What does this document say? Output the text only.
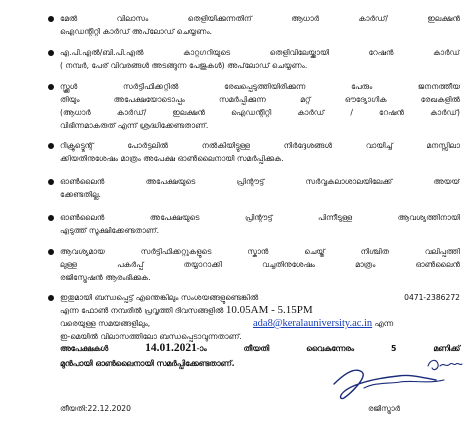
മേൽ വിലാസം തെളിയിക്കുന്നതിന് ആധാർ കാർഡ്/ ഇലക്ഷൻ
ഐഡന്റിറ്റി കാർഡ് അപ്‌ലോഡ് ചെയ്യണം.
എ.പി.എൽ/ബി.പി.എൽ കാറ്റഗറിയുടെ തെളിവിലേയ്ക്കായി റേഷൻ കാർഡ്
( നമ്പർ, പേര് വിവരങ്ങൾ അടങ്ങുന്ന പേജുകൾ) അപ്‌ലോഡ് ചെയ്യണം.
സ്ക്കൂൾ സർട്ടിഫിക്കറ്റിൽ രേഖപ്പെടുത്തിയിരിക്കുന്ന പേരും ജനനത്തീയ
തിയും അപേക്ഷയോടൊപ്പം സമർപ്പിക്കുന്ന മറ്റ് ഔദ്യോഗിക രേഖകളിൽ
(ആധാർ കാർഡ്/ ഇലക്ഷൻ ഐഡന്റിറ്റി കാർഡ് / റേഷൻ കാർഡ്)
വിഭിന്നമാകരുത് എന്ന് ശ്രദ്ധിക്കേണ്ടതാണ്.
റിക്രൂട്ട്മെന്റ് പോർട്ടലിൽ നൽകിയിട്ടുള്ള നിർദ്ദേശങ്ങൾ വായിച്ച് മനസ്സിലാ
ക്കിയതിനുശേഷം മാത്രം അപേക്ഷ ഓൺലൈനായി സമർപ്പിക്കുക.
ഓൺലൈൻ അപേക്ഷയുടെ പ്രിന്റൗട്ട് സർവ്വകലാശാലയിലേക്ക് അയയ്
ക്കേണ്ടതില്ല.
ഓൺലൈൻ അപേക്ഷയുടെ പ്രിന്റൗട്ട് പിന്നീടുള്ള ആവശ്യത്തിനായി
എടുത്ത് സൂക്ഷിക്കേണ്ടതാണ്.
ആവശ്യമായ സർട്ടിഫിക്കറ്റുകളുടെ സ്കാൻ ചെയ്ത് നിശ്ചിത വലിപ്പത്തി
ലുള്ള പകർപ്പ് തയ്യാറാക്കി വച്ചതിനുശേഷം മാത്രം ഓൺലൈൻ
രജിസ്ട്രേഷൻ ആരംഭിക്കുക.
ഇതുമായി ബന്ധപ്പെട്ട് എന്തെങ്കിലും സംശയങ്ങളുണ്ടെങ്കിൽ	0471-2386272
എന്ന ഫോൺ നമ്പരിൽ പ്രവൃത്തി ദിവസങ്ങളിൽ 10.05AM - 5.15PM
വരെയുള്ള സമയങ്ങളിലും,	ada8@keralauniversity.ac.in എന്ന
ഇ-മെയിൽ വിലാസത്തിലോ ബന്ധപ്പെടാവുന്നതാണ്.
അപേക്ഷകൾ	14.01.2021-ാം തീയതി വൈകുന്നേരം 5 മണിക്ക്
മുൻപായി ഓൺലൈനായി സമർപ്പിക്കേണ്ടതാണ്.
തീയതി:22.12.2020	രജിസ്ട്രാർ
